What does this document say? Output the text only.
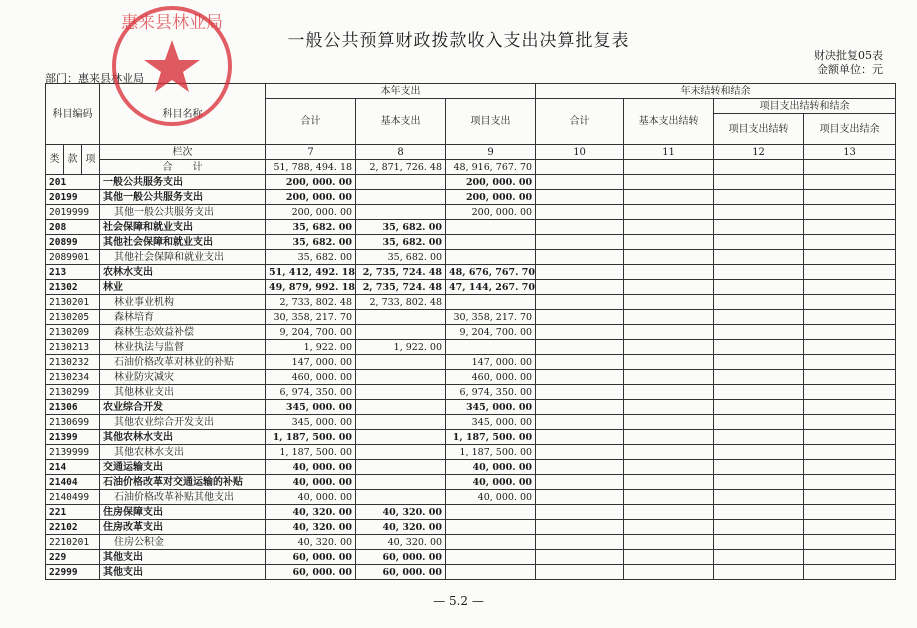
一般公共预算财政拨款收入支出决算批复表
财决批复05表
金额单位：元
部门：惠来县林业局
科目编码			科目名称	本年支出			年末结转和结余			
				合计	基本支出	项目支出	合计	基本支出结转	项目支出结转和结余	
									项目支出结转	项目支出结余
类	款	项	栏次	7	8	9	10	11	12	13
			合　　计	51, 788, 494. 18	2, 871, 726. 48	48, 916, 767. 70				
201			一般公共服务支出	200, 000. 00		200, 000. 00				
20199			其他一般公共服务支出	200, 000. 00		200, 000. 00				
2019999			其他一般公共服务支出	200, 000. 00		200, 000. 00				
208			社会保障和就业支出	35, 682. 00	35, 682. 00					
20899			其他社会保障和就业支出	35, 682. 00	35, 682. 00					
2089901			其他社会保障和就业支出	35, 682. 00	35, 682. 00					
213			农林水支出	51, 412, 492. 18	2, 735, 724. 48	48, 676, 767. 70				
21302			林业	49, 879, 992. 18	2, 735, 724. 48	47, 144, 267. 70				
2130201			林业事业机构	2, 733, 802. 48	2, 733, 802. 48					
2130205			森林培育	30, 358, 217. 70		30, 358, 217. 70				
2130209			森林生态效益补偿	9, 204, 700. 00		9, 204, 700. 00				
2130213			林业执法与监督	1, 922. 00	1, 922. 00					
2130232			石油价格改革对林业的补贴	147, 000. 00		147, 000. 00				
2130234			林业防灾减灾	460, 000. 00		460, 000. 00				
2130299			其他林业支出	6, 974, 350. 00		6, 974, 350. 00				
21306			农业综合开发	345, 000. 00		345, 000. 00				
2130699			其他农业综合开发支出	345, 000. 00		345, 000. 00				
21399			其他农林水支出	1, 187, 500. 00		1, 187, 500. 00				
2139999			其他农林水支出	1, 187, 500. 00		1, 187, 500. 00				
214			交通运输支出	40, 000. 00		40, 000. 00				
21404			石油价格改革对交通运输的补贴	40, 000. 00		40, 000. 00				
2140499			石油价格改革补贴其他支出	40, 000. 00		40, 000. 00				
221			住房保障支出	40, 320. 00	40, 320. 00					
22102			住房改革支出	40, 320. 00	40, 320. 00					
2210201			住房公积金	40, 320. 00	40, 320. 00					
229			其他支出	60, 000. 00	60, 000. 00					
22999			其他支出	60, 000. 00	60, 000. 00					
惠来县林业局
— 5.2 —
